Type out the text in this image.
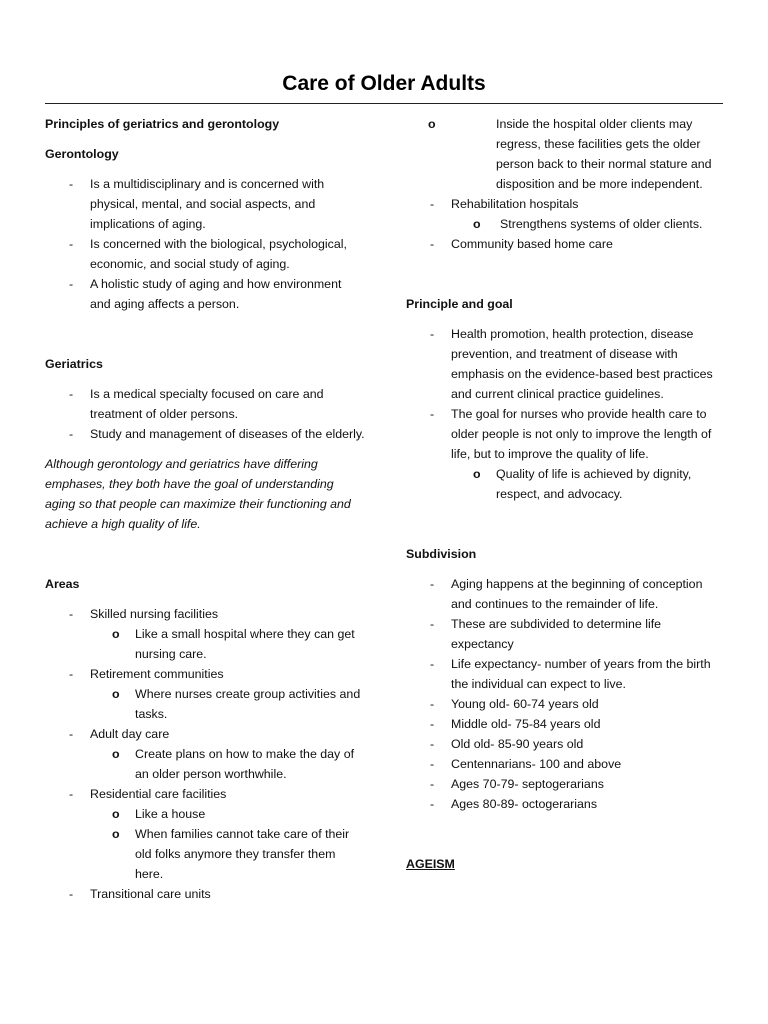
Care of Older Adults
Principles of geriatrics and gerontology
Gerontology
- Is a multidisciplinary and is concerned with physical, mental, and social aspects, and implications of aging.
- Is concerned with the biological, psychological, economic, and social study of aging.
- A holistic study of aging and how environment and aging affects a person.
Geriatrics
- Is a medical specialty focused on care and treatment of older persons.
- Study and management of diseases of the elderly.
Although gerontology and geriatrics have differing emphases, they both have the goal of understanding aging so that people can maximize their functioning and achieve a high quality of life.
Areas
- Skilled nursing facilities
o Like a small hospital where they can get nursing care.
- Retirement communities
o Where nurses create group activities and tasks.
- Adult day care
o Create plans on how to make the day of an older person worthwhile.
- Residential care facilities
o Like a house
o When families cannot take care of their old folks anymore they transfer them here.
- Transitional care units
o Inside the hospital older clients may regress, these facilities gets the older person back to their normal stature and disposition and be more independent.
- Rehabilitation hospitals
o Strengthens systems of older clients.
- Community based home care
Principle and goal
- Health promotion, health protection, disease prevention, and treatment of disease with emphasis on the evidence-based best practices and current clinical practice guidelines.
- The goal for nurses who provide health care to older people is not only to improve the length of life, but to improve the quality of life.
o Quality of life is achieved by dignity, respect, and advocacy.
Subdivision
- Aging happens at the beginning of conception and continues to the remainder of life.
- These are subdivided to determine life expectancy
- Life expectancy- number of years from the birth the individual can expect to live.
- Young old- 60-74 years old
- Middle old- 75-84 years old
- Old old- 85-90 years old
- Centennarians- 100 and above
- Ages 70-79- septogerarians
- Ages 80-89- octogerarians
AGEISM
